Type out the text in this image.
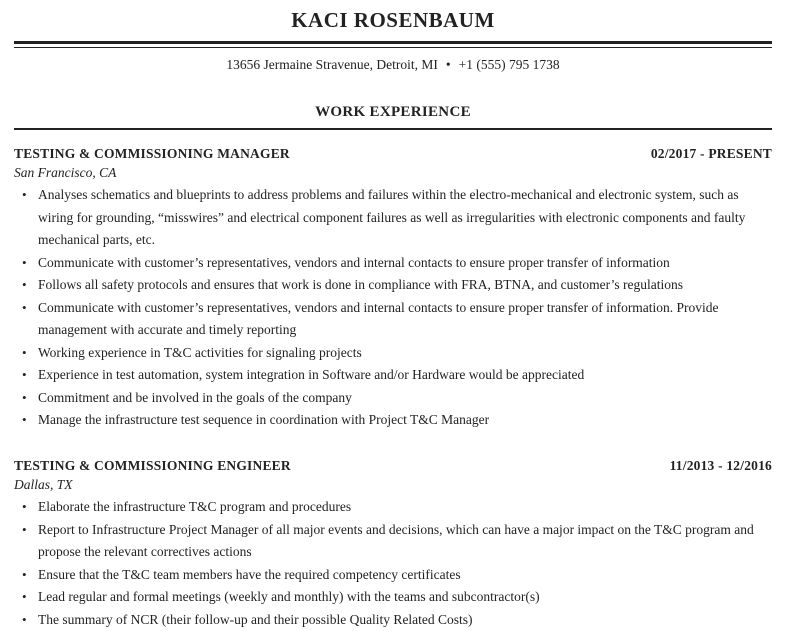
KACI ROSENBAUM
13656 Jermaine Stravenue, Detroit, MI • +1 (555) 795 1738
WORK EXPERIENCE
TESTING & COMMISSIONING MANAGER	02/2017 - PRESENT
San Francisco, CA
• Analyses schematics and blueprints to address problems and failures within the electro-mechanical and electronic system, such as wiring for grounding, “misswires” and electrical component failures as well as irregularities with electronic components and faulty mechanical parts, etc.
• Communicate with customer’s representatives, vendors and internal contacts to ensure proper transfer of information
• Follows all safety protocols and ensures that work is done in compliance with FRA, BTNA, and customer’s regulations
• Communicate with customer’s representatives, vendors and internal contacts to ensure proper transfer of information. Provide management with accurate and timely reporting
• Working experience in T&C activities for signaling projects
• Experience in test automation, system integration in Software and/or Hardware would be appreciated
• Commitment and be involved in the goals of the company
• Manage the infrastructure test sequence in coordination with Project T&C Manager
TESTING & COMMISSIONING ENGINEER	11/2013 - 12/2016
Dallas, TX
• Elaborate the infrastructure T&C program and procedures
• Report to Infrastructure Project Manager of all major events and decisions, which can have a major impact on the T&C program and propose the relevant correctives actions
• Ensure that the T&C team members have the required competency certificates
• Lead regular and formal meetings (weekly and monthly) with the teams and subcontractor(s)
• The summary of NCR (their follow-up and their possible Quality Related Costs)
